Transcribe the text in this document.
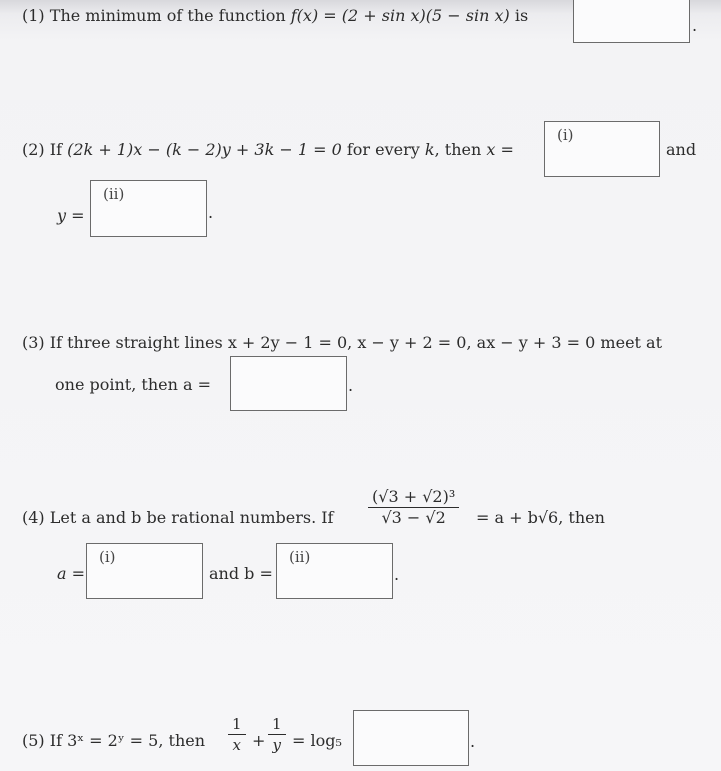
(1) The minimum of the function f(x) = (2 + sin x)(5 − sin x) is
.
(2) If (2k + 1)x − (k − 2)y + 3k − 1 = 0 for every k, then x =
(i)
and
y =
(ii)
.
(3) If three straight lines x + 2y − 1 = 0, x − y + 2 = 0, ax − y + 3 = 0 meet at
one point, then a =	.
(4) Let a and b be rational numbers. If $\frac{\text{(√3 + √2)³}}{√3 - √2} = a + b√6$, then
a =
(i)
and b =
(ii)
.
(5) If 3ˣ = 2ʸ = 5, then $\frac{1}{x} + \frac{1}{y} = \log_5$	.
